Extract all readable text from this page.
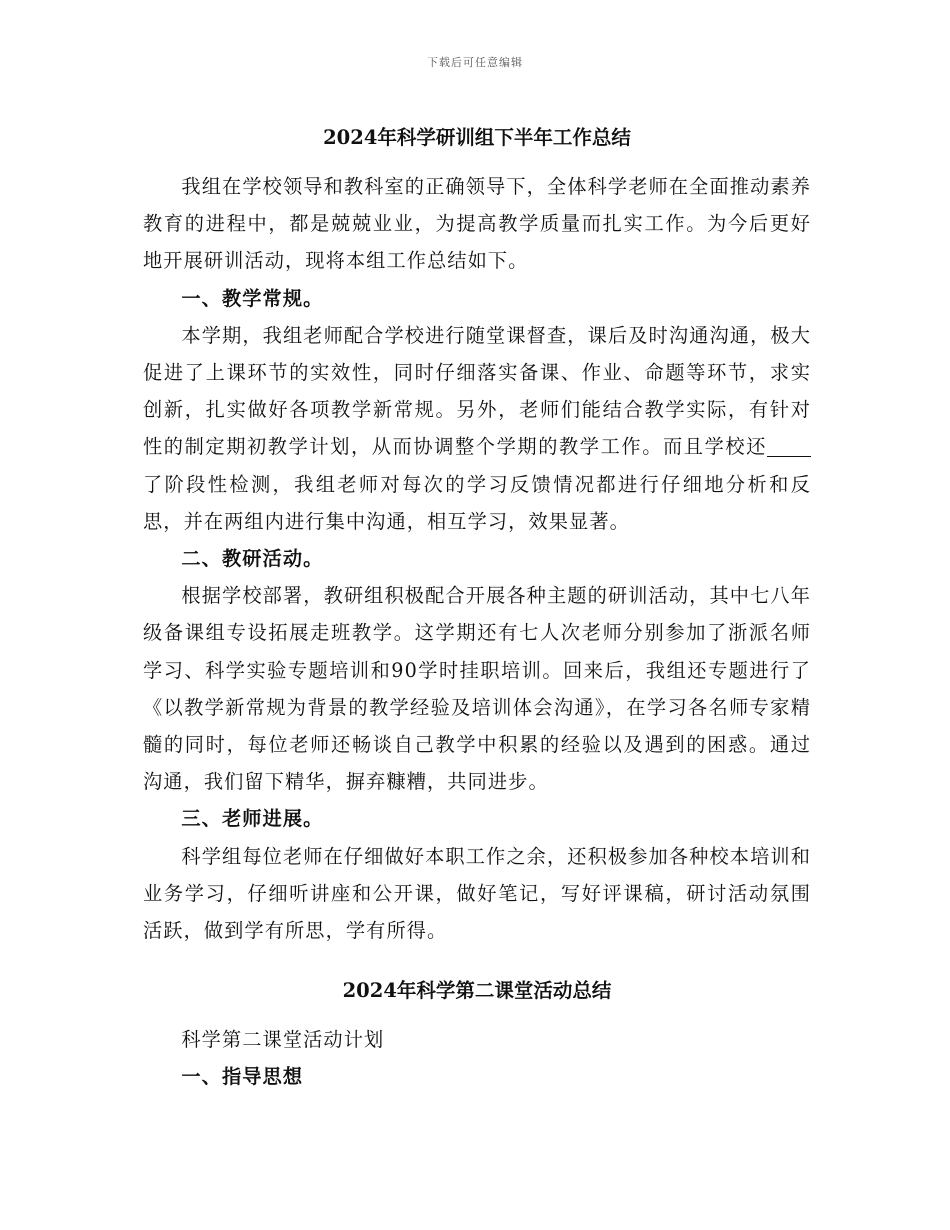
下载后可任意编辑
2024年科学研训组下半年工作总结

我组在学校领导和教科室的正确领导下，全体科学老师在全面推动素养教育的进程中，都是兢兢业业，为提高教学质量而扎实工作。为今后更好地开展研训活动，现将本组工作总结如下。

一、教学常规。

本学期，我组老师配合学校进行随堂课督查，课后及时沟通沟通，极大促进了上课环节的实效性，同时仔细落实备课、作业、命题等环节，求实创新，扎实做好各项教学新常规。另外，老师们能结合教学实际，有针对性的制定期初教学计划，从而协调整个学期的教学工作。而且学校还了阶段性检测，我组老师对每次的学习反馈情况都进行仔细地分析和反思，并在两组内进行集中沟通，相互学习，效果显著。

二、教研活动。

根据学校部署，教研组积极配合开展各种主题的研训活动，其中七八年级备课组专设拓展走班教学。这学期还有七人次老师分别参加了浙派名师学习、科学实验专题培训和90学时挂职培训。回来后，我组还专题进行了《以教学新常规为背景的教学经验及培训体会沟通》，在学习各名师专家精髓的同时，每位老师还畅谈自己教学中积累的经验以及遇到的困惑。通过沟通，我们留下精华，摒弃糠糟，共同进步。

三、老师进展。

科学组每位老师在仔细做好本职工作之余，还积极参加各种校本培训和业务学习，仔细听讲座和公开课，做好笔记，写好评课稿，研讨活动氛围活跃，做到学有所思，学有所得。

2024年科学第二课堂活动总结

科学第二课堂活动计划

一、指导思想
